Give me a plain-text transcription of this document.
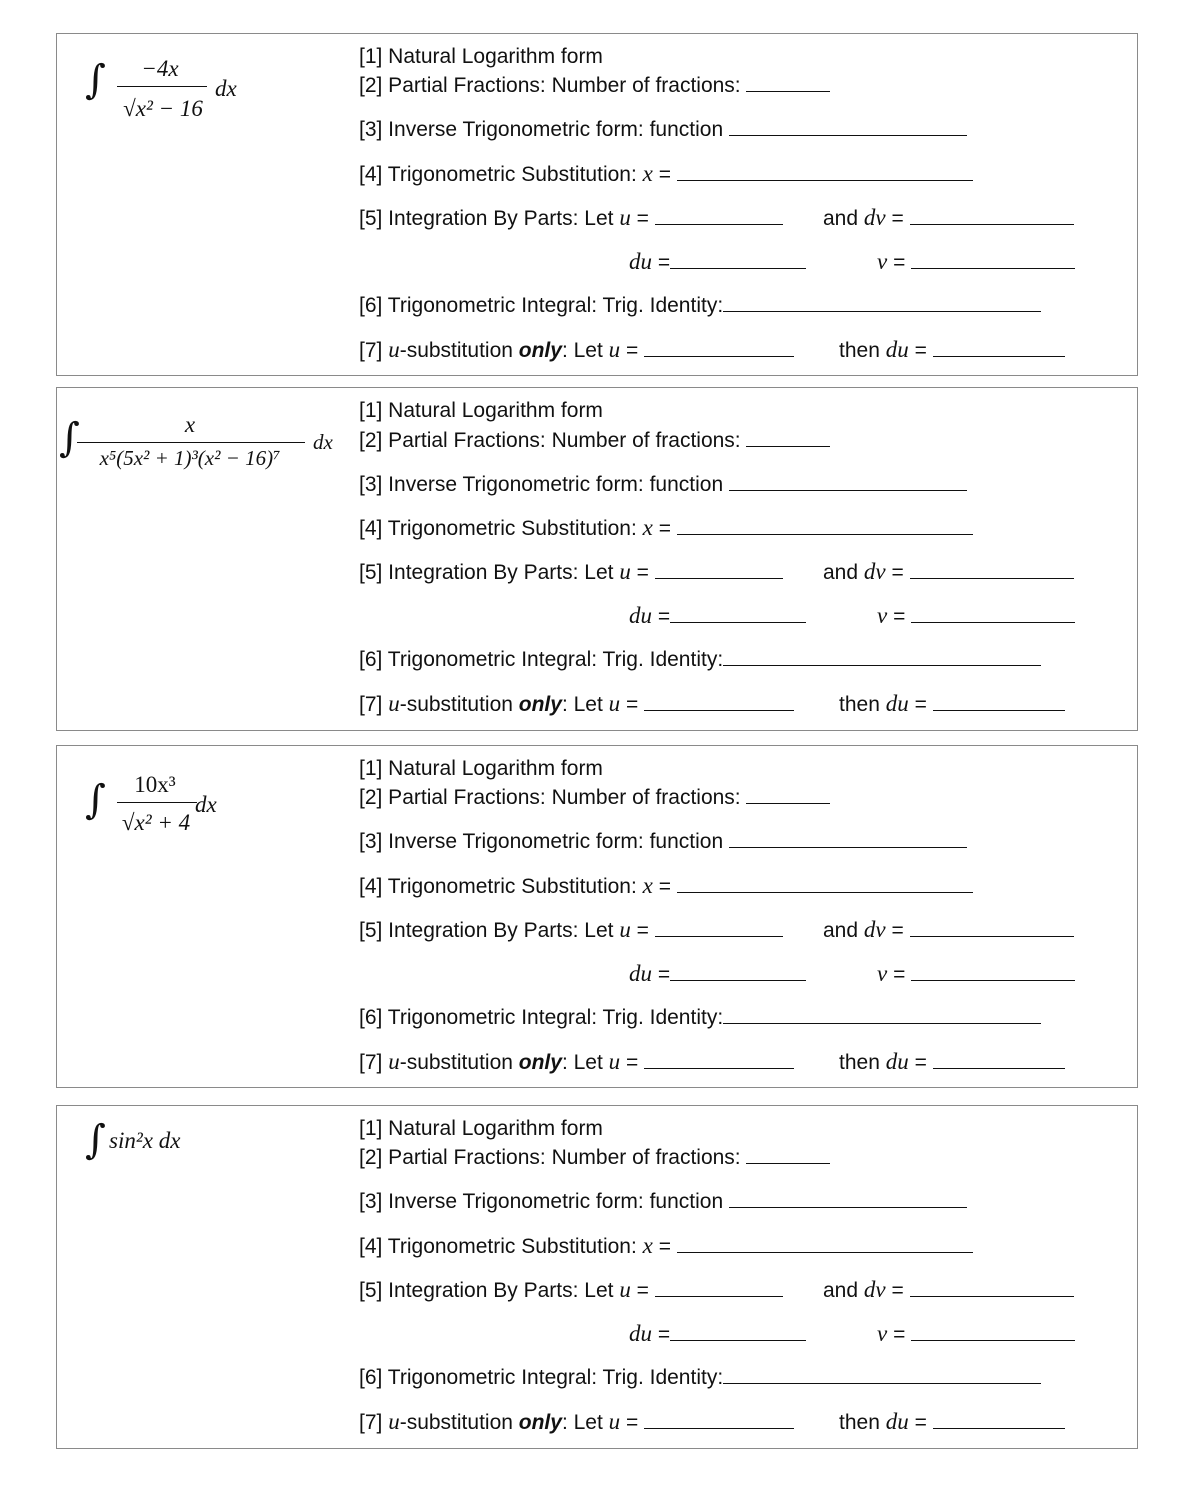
∫	−4x
√x² − 16
dx
[1] Natural Logarithm form
[2] Partial Fractions: Number of fractions:
[3] Inverse Trigonometric form: function
[4] Trigonometric Substitution: x =
[5] Integration By Parts: Let u =	and dv =
du =	v =
[6] Trigonometric Integral: Trig. Identity:
[7] u-substitution only: Let u =	then du =
∫	x
x⁵(5x² + 1)³(x² − 16)⁷
dx
[1] Natural Logarithm form
[2] Partial Fractions: Number of fractions:
[3] Inverse Trigonometric form: function
[4] Trigonometric Substitution: x =
[5] Integration By Parts: Let u =	and dv =
du =	v =
[6] Trigonometric Integral: Trig. Identity:
[7] u-substitution only: Let u =	then du =
∫	10x³
√x² + 4
dx
[1] Natural Logarithm form
[2] Partial Fractions: Number of fractions:
[3] Inverse Trigonometric form: function
[4] Trigonometric Substitution: x =
[5] Integration By Parts: Let u =	and dv =
du =	v =
[6] Trigonometric Integral: Trig. Identity:
[7] u-substitution only: Let u =	then du =
∫ sin²x dx	[1] Natural Logarithm form
[2] Partial Fractions: Number of fractions:
[3] Inverse Trigonometric form: function
[4] Trigonometric Substitution: x =
[5] Integration By Parts: Let u =	and dv =
du =	v =
[6] Trigonometric Integral: Trig. Identity:
[7] u-substitution only: Let u =	then du =
